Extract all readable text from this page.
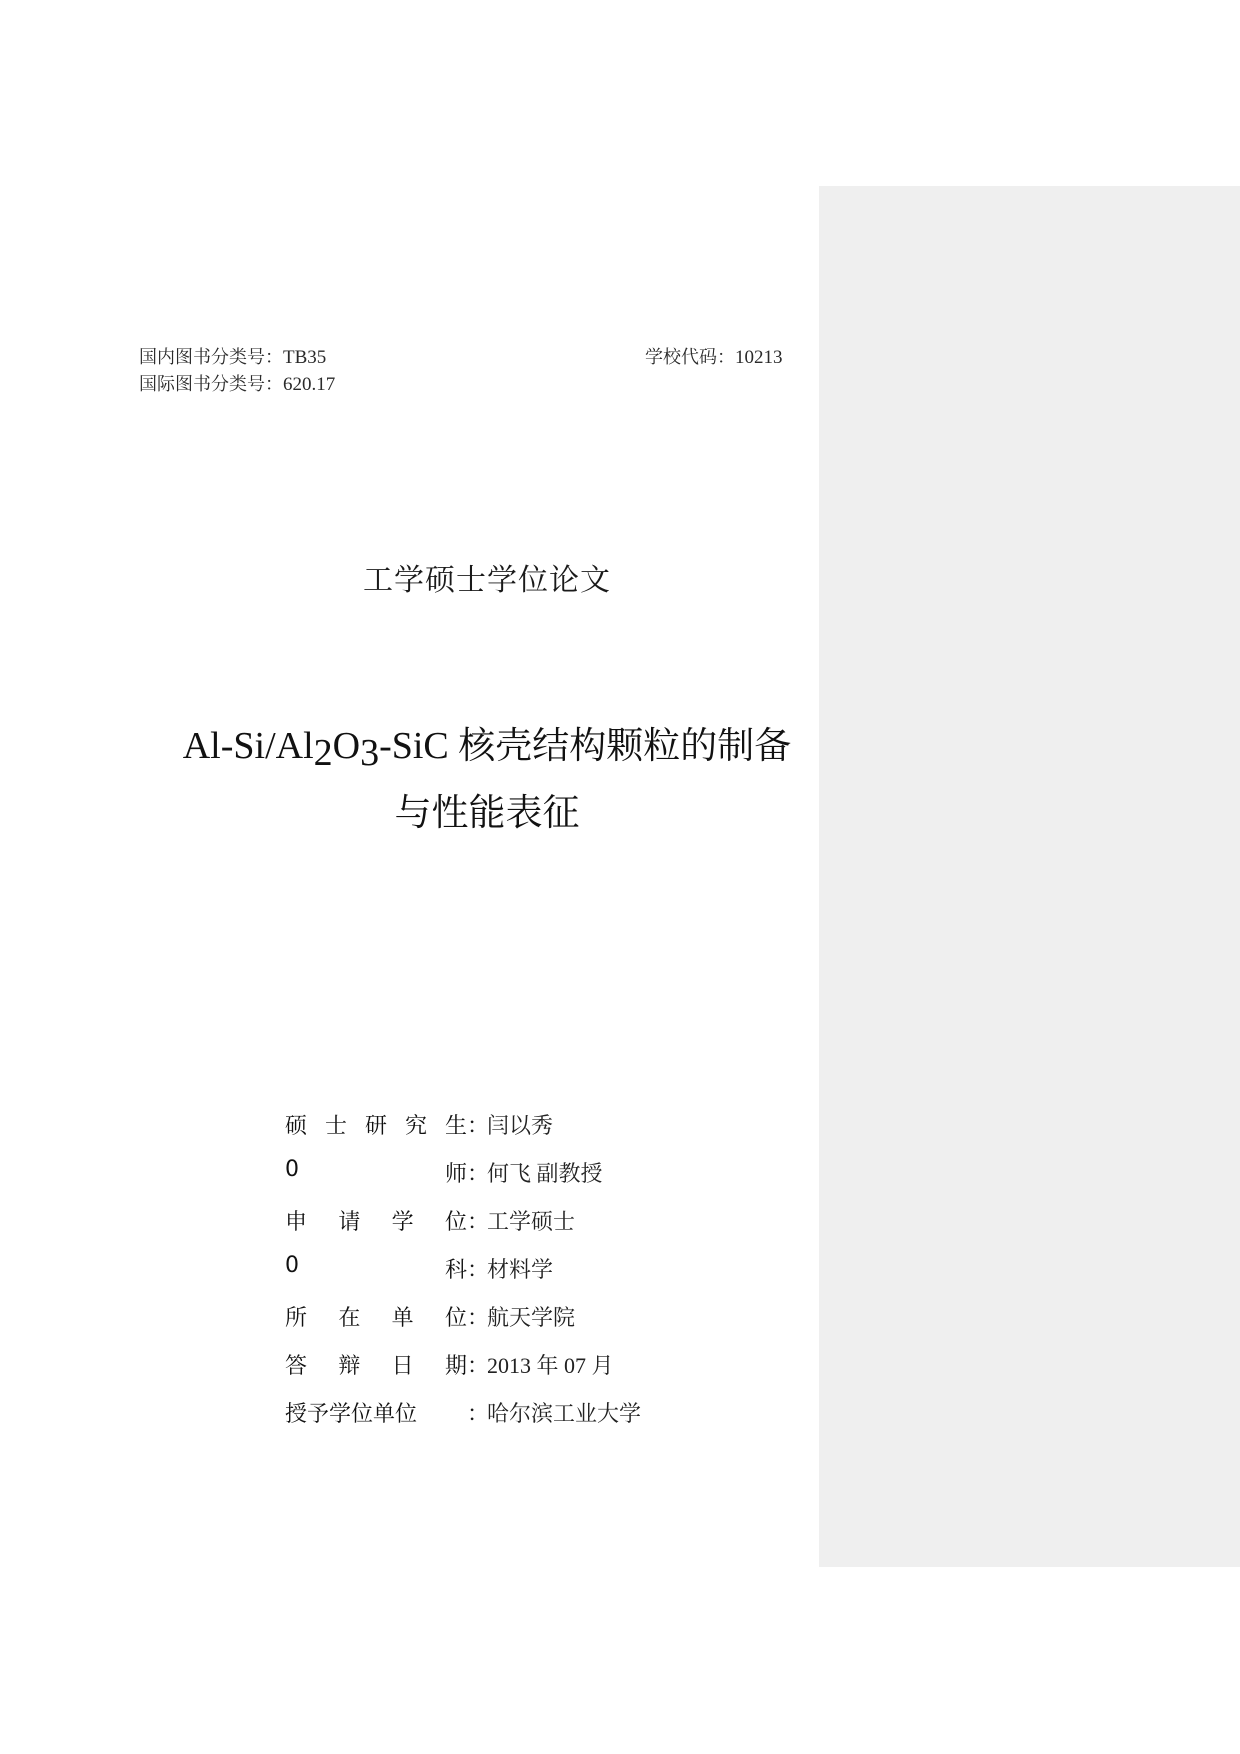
国内图书分类号：TB35
国际图书分类号：620.17
学校代码：10213
工学硕士学位论文
$Al-Si/Al_2O_3$-SiC 核壳结构颗粒的制备
与性能表征
硕 士 研 究 生 ：
闫以秀
0	师 ：
何飞 副教授
申 请 学 位 ：
工学硕士
0	科 ：
材料学
所 在 单 位 ：
航天学院
答 辩 日 期 ：
2013 年 07 月
授予学位单位 ：
哈尔滨工业大学
